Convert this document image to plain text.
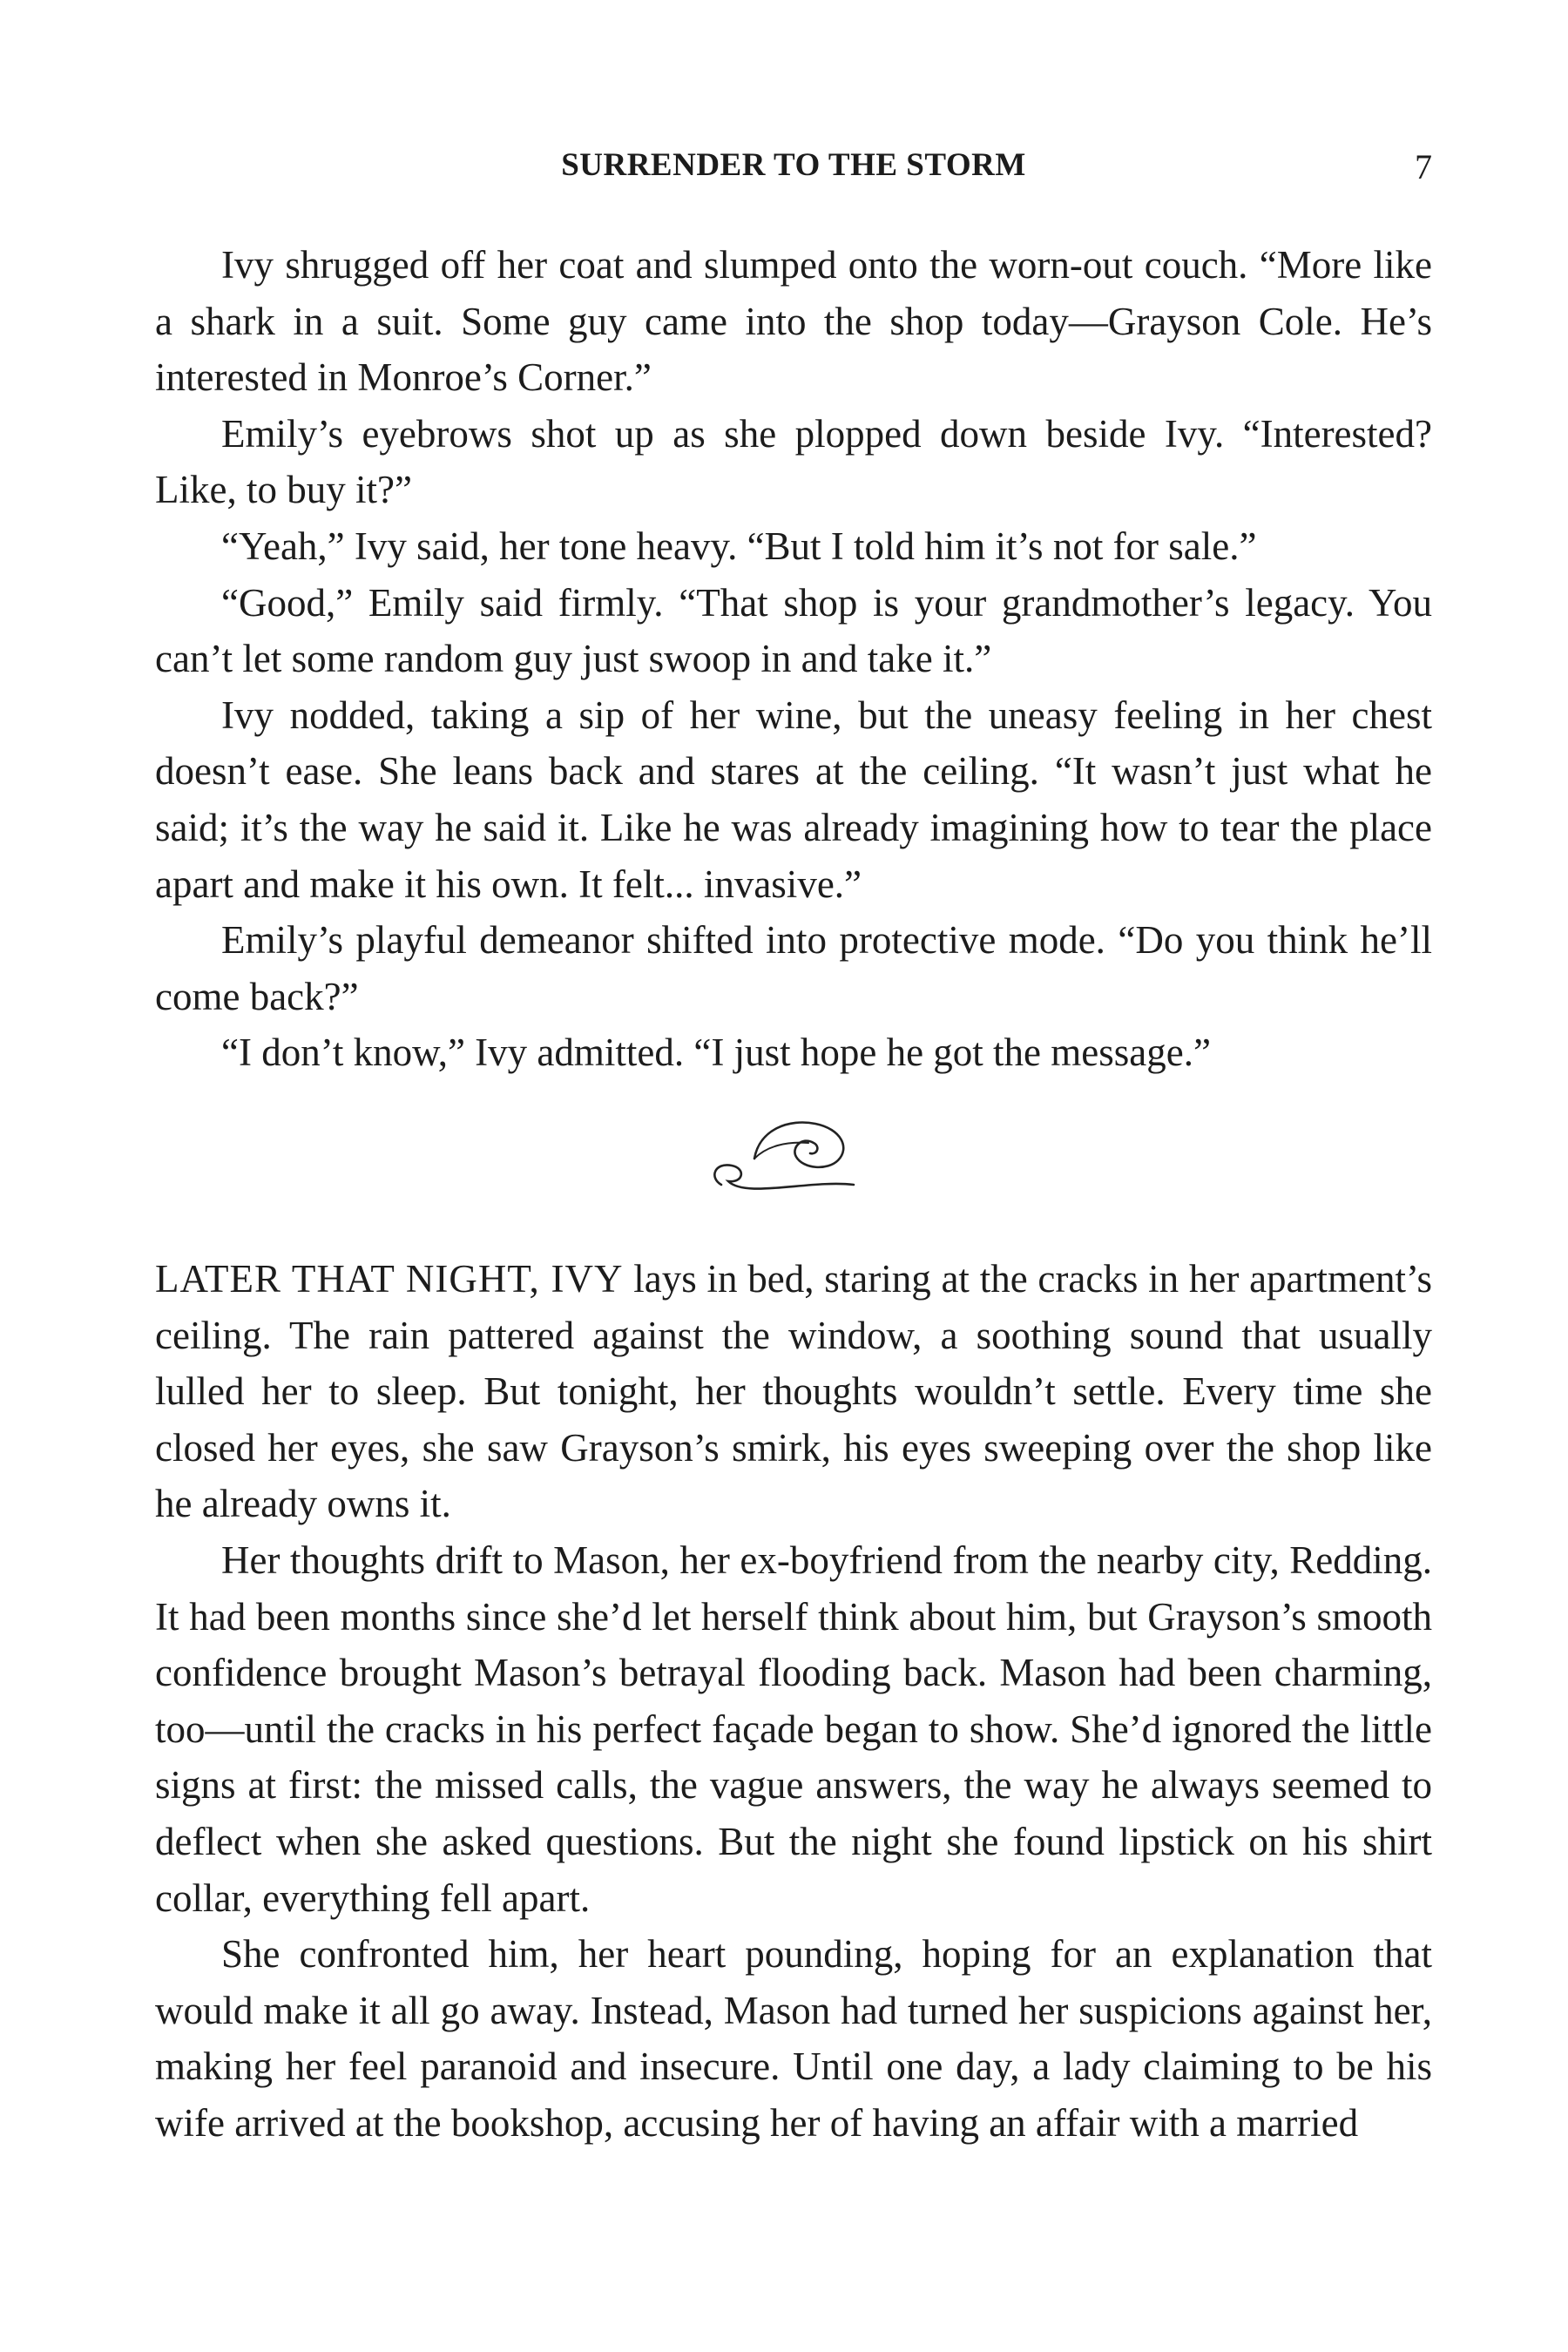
SURRENDER TO THE STORM	7

Ivy shrugged off her coat and slumped onto the worn-out couch. “More like a shark in a suit. Some guy came into the shop today—Grayson Cole. He’s interested in Monroe’s Corner.”

Emily’s eyebrows shot up as she plopped down beside Ivy. “Interested? Like, to buy it?”

“Yeah,” Ivy said, her tone heavy. “But I told him it’s not for sale.”

“Good,” Emily said firmly. “That shop is your grandmother’s legacy. You can’t let some random guy just swoop in and take it.”

Ivy nodded, taking a sip of her wine, but the uneasy feeling in her chest doesn’t ease. She leans back and stares at the ceiling. “It wasn’t just what he said; it’s the way he said it. Like he was already imagining how to tear the place apart and make it his own. It felt... invasive.”

Emily’s playful demeanor shifted into protective mode. “Do you think he’ll come back?”

“I don’t know,” Ivy admitted. “I just hope he got the message.”

LATER THAT NIGHT, IVY lays in bed, staring at the cracks in her apartment’s ceiling. The rain pattered against the window, a soothing sound that usually lulled her to sleep. But tonight, her thoughts wouldn’t settle. Every time she closed her eyes, she saw Grayson’s smirk, his eyes sweeping over the shop like he already owns it.

Her thoughts drift to Mason, her ex-boyfriend from the nearby city, Redding. It had been months since she’d let herself think about him, but Grayson’s smooth confidence brought Mason’s betrayal flooding back. Mason had been charming, too—until the cracks in his perfect façade began to show. She’d ignored the little signs at first: the missed calls, the vague answers, the way he always seemed to deflect when she asked questions. But the night she found lipstick on his shirt collar, everything fell apart.

She confronted him, her heart pounding, hoping for an explanation that would make it all go away. Instead, Mason had turned her suspicions against her, making her feel paranoid and insecure. Until one day, a lady claiming to be his wife arrived at the bookshop, accusing her of having an affair with a married
